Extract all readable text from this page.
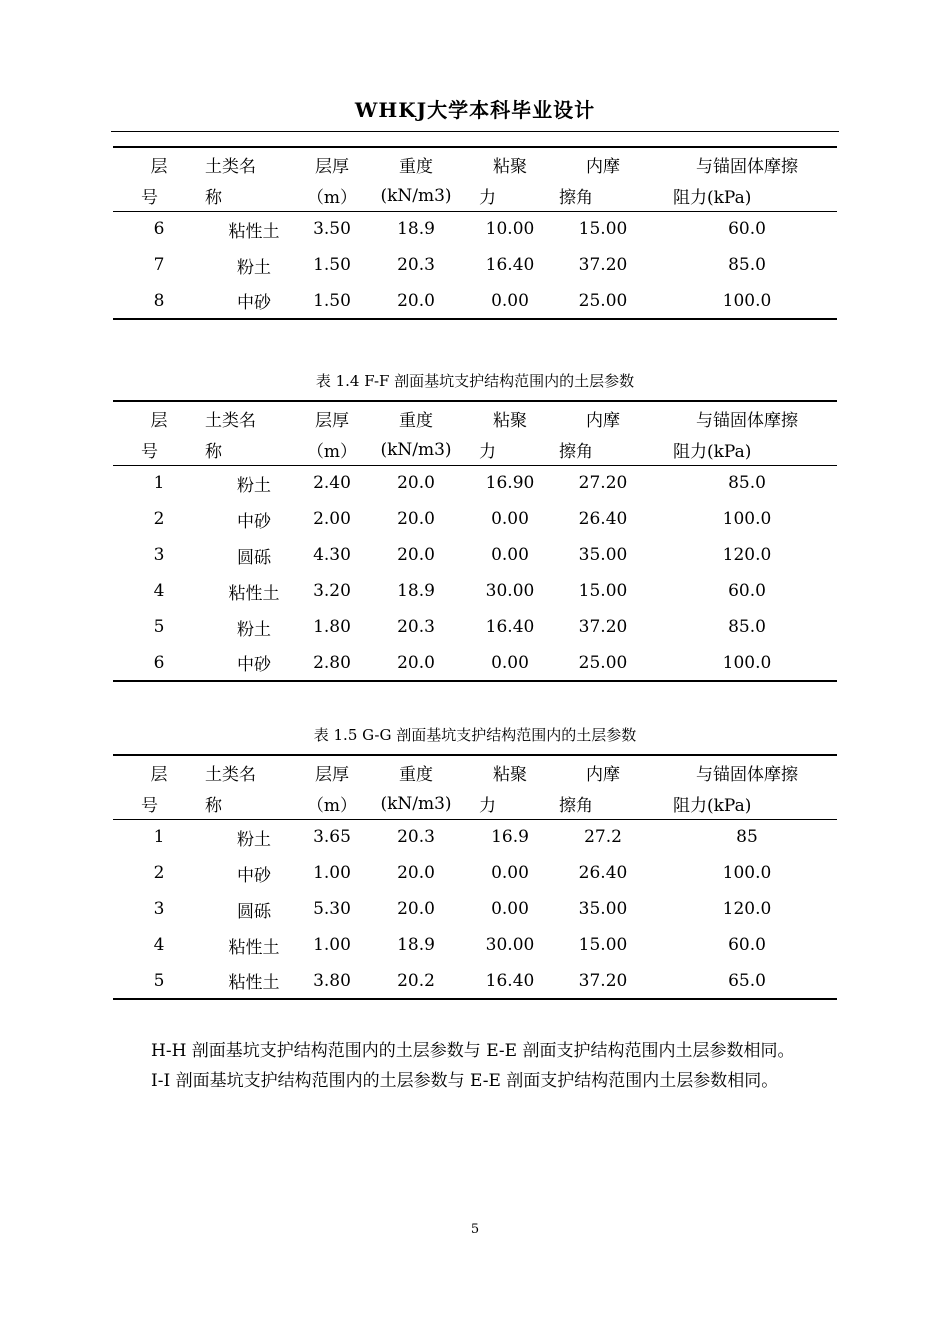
WHKJ大学本科毕业设计
层	土类名	层厚	重度	粘聚	内摩	与锚固体摩擦
号	称	（m）	(kN/m3)	力	擦角	阻力(kPa)
6	粘性土	3.50	18.9	10.00	15.00	60.0
7	粉土	1.50	20.3	16.40	37.20	85.0
8	中砂	1.50	20.0	0.00	25.00	100.0
表 1.4 F-F 剖面基坑支护结构范围内的土层参数
层	土类名	层厚	重度	粘聚	内摩	与锚固体摩擦
号	称	（m）	(kN/m3)	力	擦角	阻力(kPa)
1	粉土	2.40	20.0	16.90	27.20	85.0
2	中砂	2.00	20.0	0.00	26.40	100.0
3	圆砾	4.30	20.0	0.00	35.00	120.0
4	粘性土	3.20	18.9	30.00	15.00	60.0
5	粉土	1.80	20.3	16.40	37.20	85.0
6	中砂	2.80	20.0	0.00	25.00	100.0
表 1.5 G-G 剖面基坑支护结构范围内的土层参数
层	土类名	层厚	重度	粘聚	内摩	与锚固体摩擦
号	称	（m）	(kN/m3)	力	擦角	阻力(kPa)
1	粉土	3.65	20.3	16.9	27.2	85
2	中砂	1.00	20.0	0.00	26.40	100.0
3	圆砾	5.30	20.0	0.00	35.00	120.0
4	粘性土	1.00	18.9	30.00	15.00	60.0
5	粘性土	3.80	20.2	16.40	37.20	65.0

H-H 剖面基坑支护结构范围内的土层参数与 E-E 剖面支护结构范围内土层参数相同。

I-I 剖面基坑支护结构范围内的土层参数与 E-E 剖面支护结构范围内土层参数相同。

5
